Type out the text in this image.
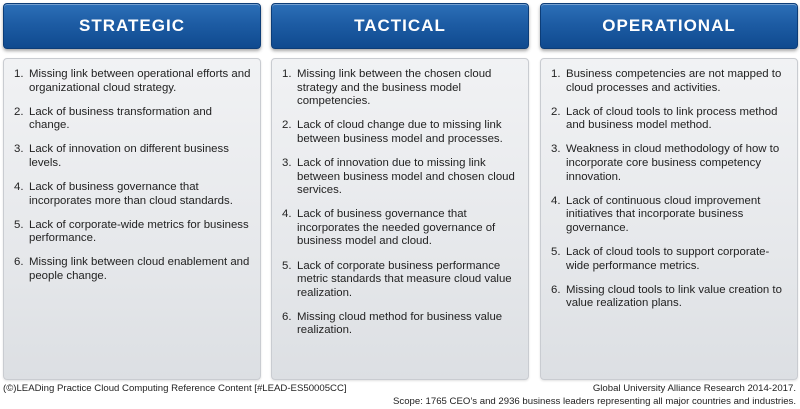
STRATEGIC
1. Missing link between operational efforts and organizational cloud strategy.
2. Lack of business transformation and change.
3. Lack of innovation on different business levels.
4. Lack of business governance that incorporates more than cloud standards.
5. Lack of corporate-wide metrics for business performance.
6. Missing link between cloud enablement and people change.
TACTICAL
1. Missing link between the chosen cloud strategy and the business model competencies.
2. Lack of cloud change due to missing link between business model and processes.
3. Lack of innovation due to missing link between business model and chosen cloud services.
4. Lack of business governance that incorporates the needed governance of business model and cloud.
5. Lack of corporate business performance metric standards that measure cloud value realization.
6. Missing cloud method for business value realization.
OPERATIONAL
1. Business competencies are not mapped to cloud processes and activities.
2. Lack of cloud tools to link process method and business model method.
3. Weakness in cloud methodology of how to incorporate core business competency innovation.
4. Lack of continuous cloud improvement initiatives that incorporate business governance.
5. Lack of cloud tools to support corporate-wide performance metrics.
6. Missing cloud tools to link value creation to value realization plans.
(©)LEADing Practice Cloud Computing Reference Content [#LEAD-ES50005CC]	Global University Alliance Research 2014-2017.
Scope: 1765 CEO’s and 2936 business leaders representing all major countries and industries.
